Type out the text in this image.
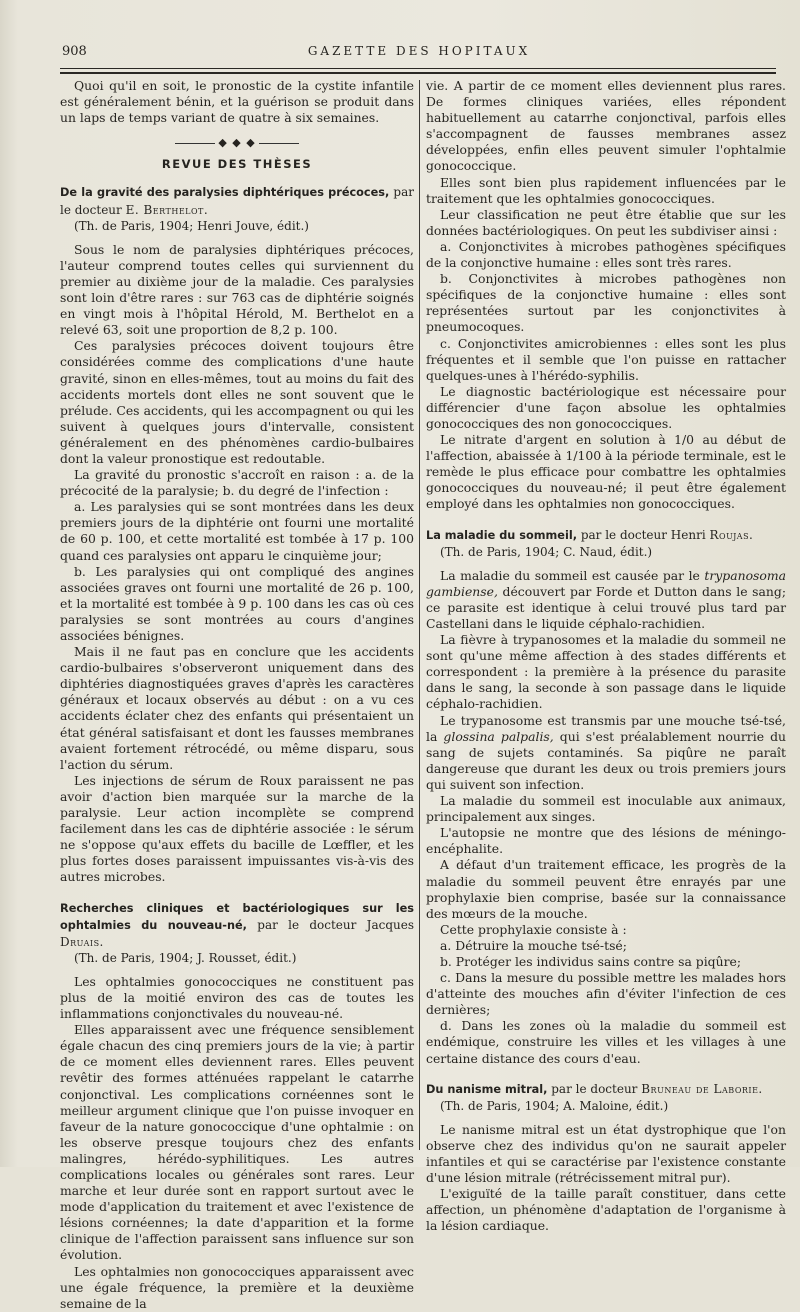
908	GAZETTE DES HOPITAUX

Quoi qu'il en soit, le pronostic de la cystite infantile est généralement bénin, et la guérison se produit dans un laps de temps variant de quatre à six semaines.

◆ ◆ ◆
REVUE DES THÈSES
De la gravité des paralysies diphtériques précoces, par le docteur E. Berthelot.
(Th. de Paris, 1904; Henri Jouve, édit.)

Sous le nom de paralysies diphtériques précoces, l'auteur comprend toutes celles qui surviennent du premier au dixième jour de la maladie. Ces paralysies sont loin d'être rares : sur 763 cas de diphtérie soignés en vingt mois à l'hôpital Hérold, M. Berthelot en a relevé 63, soit une proportion de 8,2 p. 100.

Ces paralysies précoces doivent toujours être considérées comme des complications d'une haute gravité, sinon en elles-mêmes, tout au moins du fait des accidents mortels dont elles ne sont souvent que le prélude. Ces accidents, qui les accompagnent ou qui les suivent à quelques jours d'intervalle, consistent généralement en des phénomènes cardio-bulbaires dont la valeur pronostique est redoutable.

La gravité du pronostic s'accroît en raison : a. de la précocité de la paralysie; b. du degré de l'infection :

a. Les paralysies qui se sont montrées dans les deux premiers jours de la diphtérie ont fourni une mortalité de 60 p. 100, et cette mortalité est tombée à 17 p. 100 quand ces paralysies ont apparu le cinquième jour;

b. Les paralysies qui ont compliqué des angines associées graves ont fourni une mortalité de 26 p. 100, et la mortalité est tombée à 9 p. 100 dans les cas où ces paralysies se sont montrées au cours d'angines associées bénignes.

Mais il ne faut pas en conclure que les accidents cardio-bulbaires s'observeront uniquement dans des diphtéries diagnostiquées graves d'après les caractères généraux et locaux observés au début : on a vu ces accidents éclater chez des enfants qui présentaient un état général satisfaisant et dont les fausses membranes avaient fortement rétrocédé, ou même disparu, sous l'action du sérum.

Les injections de sérum de Roux paraissent ne pas avoir d'action bien marquée sur la marche de la paralysie. Leur action incomplète se comprend facilement dans les cas de diphtérie associée : le sérum ne s'oppose qu'aux effets du bacille de Lœffler, et les plus fortes doses paraissent impuissantes vis-à-vis des autres microbes.

Recherches cliniques et bactériologiques sur les ophtalmies du nouveau-né, par le docteur Jacques Druais.
(Th. de Paris, 1904; J. Rousset, édit.)

Les ophtalmies gonococciques ne constituent pas plus de la moitié environ des cas de toutes les inflammations conjonctivales du nouveau-né.

Elles apparaissent avec une fréquence sensiblement égale chacun des cinq premiers jours de la vie; à partir de ce moment elles deviennent rares. Elles peuvent revêtir des formes atténuées rappelant le catarrhe conjonctival. Les complications cornéennes sont le meilleur argument clinique que l'on puisse invoquer en faveur de la nature gonococcique d'une ophtalmie : on les observe presque toujours chez des enfants malingres, hérédo-syphilitiques. Les autres complications locales ou générales sont rares. Leur marche et leur durée sont en rapport surtout avec le mode d'application du traitement et avec l'existence de lésions cornéennes; la date d'apparition et la forme clinique de l'affection paraissent sans influence sur son évolution.

Les ophtalmies non gonococciques apparaissent avec une égale fréquence, la première et la deuxième semaine de la

vie. A partir de ce moment elles deviennent plus rares. De formes cliniques variées, elles répondent habituellement au catarrhe conjonctival, parfois elles s'accompagnent de fausses membranes assez développées, enfin elles peuvent simuler l'ophtalmie gonococcique.

Elles sont bien plus rapidement influencées par le traitement que les ophtalmies gonococciques.

Leur classification ne peut être établie que sur les données bactériologiques. On peut les subdiviser ainsi :

a. Conjonctivites à microbes pathogènes spécifiques de la conjonctive humaine : elles sont très rares.

b. Conjonctivites à microbes pathogènes non spécifiques de la conjonctive humaine : elles sont représentées surtout par les conjonctivites à pneumocoques.

c. Conjonctivites amicrobiennes : elles sont les plus fréquentes et il semble que l'on puisse en rattacher quelques-unes à l'hérédo-syphilis.

Le diagnostic bactériologique est nécessaire pour différencier d'une façon absolue les ophtalmies gonococciques des non gonococciques.

Le nitrate d'argent en solution à 1/0 au début de l'affection, abaissée à 1/100 à la période terminale, est le remède le plus efficace pour combattre les ophtalmies gonococciques du nouveau-né; il peut être également employé dans les ophtalmies non gonococciques.

La maladie du sommeil, par le docteur Henri Roujas.
(Th. de Paris, 1904; C. Naud, édit.)

La maladie du sommeil est causée par le trypanosoma gambiense, découvert par Forde et Dutton dans le sang; ce parasite est identique à celui trouvé plus tard par Castellani dans le liquide céphalo-rachidien.

La fièvre à trypanosomes et la maladie du sommeil ne sont qu'une même affection à des stades différents et correspondent : la première à la présence du parasite dans le sang, la seconde à son passage dans le liquide céphalo-rachidien.

Le trypanosome est transmis par une mouche tsé-tsé, la glossina palpalis, qui s'est préalablement nourrie du sang de sujets contaminés. Sa piqûre ne paraît dangereuse que durant les deux ou trois premiers jours qui suivent son infection.

La maladie du sommeil est inoculable aux animaux, principalement aux singes.

L'autopsie ne montre que des lésions de méningo-encéphalite.

A défaut d'un traitement efficace, les progrès de la maladie du sommeil peuvent être enrayés par une prophylaxie bien comprise, basée sur la connaissance des mœurs de la mouche.

Cette prophylaxie consiste à :

a. Détruire la mouche tsé-tsé;

b. Protéger les individus sains contre sa piqûre;

c. Dans la mesure du possible mettre les malades hors d'atteinte des mouches afin d'éviter l'infection de ces dernières;

d. Dans les zones où la maladie du sommeil est endémique, construire les villes et les villages à une certaine distance des cours d'eau.

Du nanisme mitral, par le docteur Bruneau de Laborie.
(Th. de Paris, 1904; A. Maloine, édit.)

Le nanisme mitral est un état dystrophique que l'on observe chez des individus qu'on ne saurait appeler infantiles et qui se caractérise par l'existence constante d'une lésion mitrale (rétrécissement mitral pur).

L'exiguïté de la taille paraît constituer, dans cette affection, un phénomène d'adaptation de l'organisme à la lésion cardiaque.
